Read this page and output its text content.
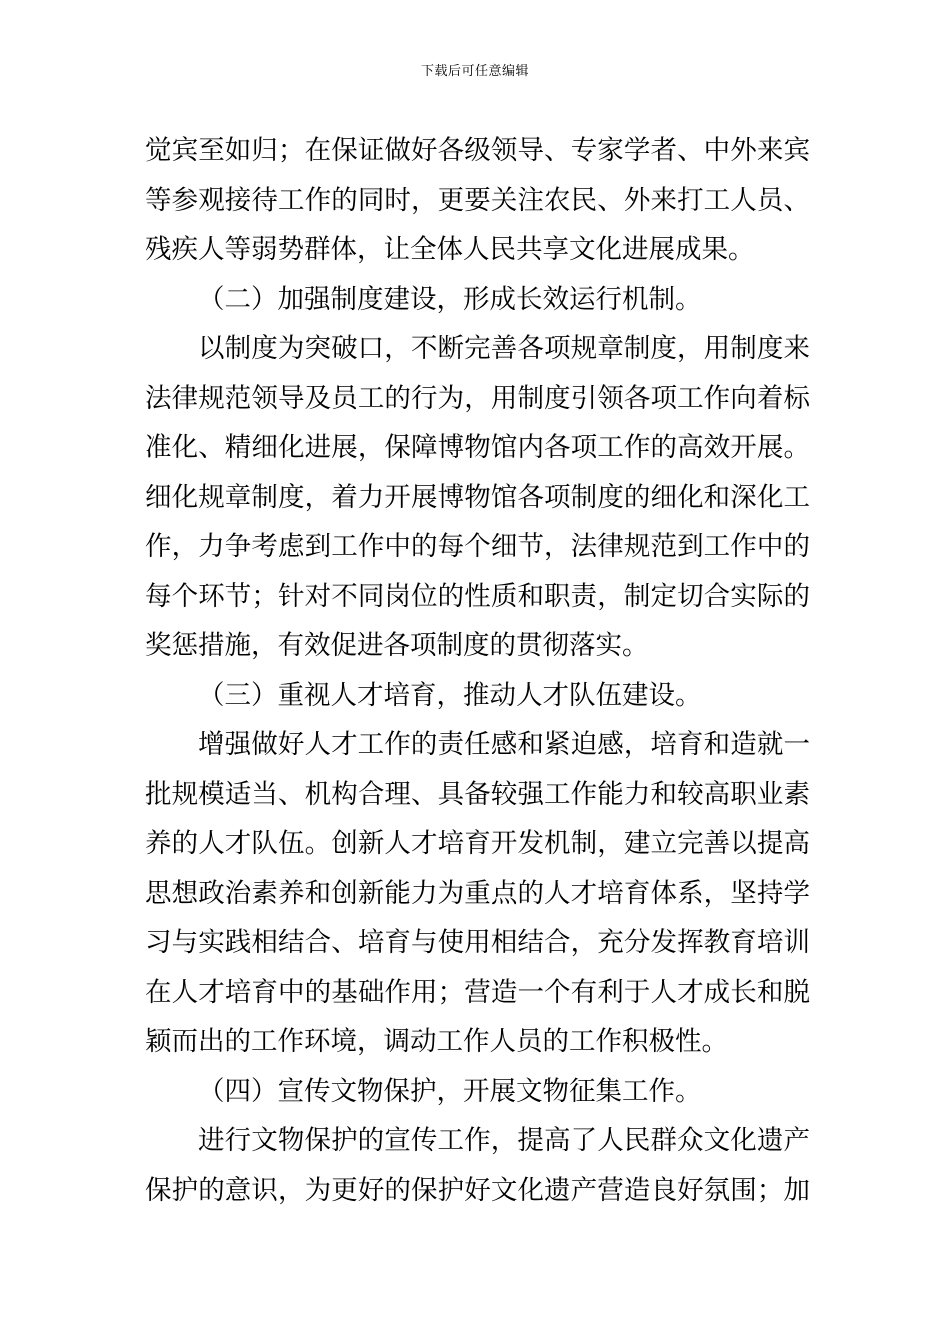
下载后可任意编辑

觉宾至如归；在保证做好各级领导、专家学者、中外来宾
等参观接待工作的同时，更要关注农民、外来打工人员、
残疾人等弱势群体，让全体人民共享文化进展成果。

（二）加强制度建设，形成长效运行机制。

以制度为突破口，不断完善各项规章制度，用制度来
法律规范领导及员工的行为，用制度引领各项工作向着标
准化、精细化进展，保障博物馆内各项工作的高效开展。
细化规章制度，着力开展博物馆各项制度的细化和深化工
作，力争考虑到工作中的每个细节，法律规范到工作中的
每个环节；针对不同岗位的性质和职责，制定切合实际的
奖惩措施，有效促进各项制度的贯彻落实。

（三）重视人才培育，推动人才队伍建设。

增强做好人才工作的责任感和紧迫感，培育和造就一
批规模适当、机构合理、具备较强工作能力和较高职业素
养的人才队伍。创新人才培育开发机制，建立完善以提高
思想政治素养和创新能力为重点的人才培育体系，坚持学
习与实践相结合、培育与使用相结合，充分发挥教育培训
在人才培育中的基础作用；营造一个有利于人才成长和脱
颖而出的工作环境，调动工作人员的工作积极性。

（四）宣传文物保护，开展文物征集工作。

进行文物保护的宣传工作，提高了人民群众文化遗产
保护的意识，为更好的保护好文化遗产营造良好氛围；加
